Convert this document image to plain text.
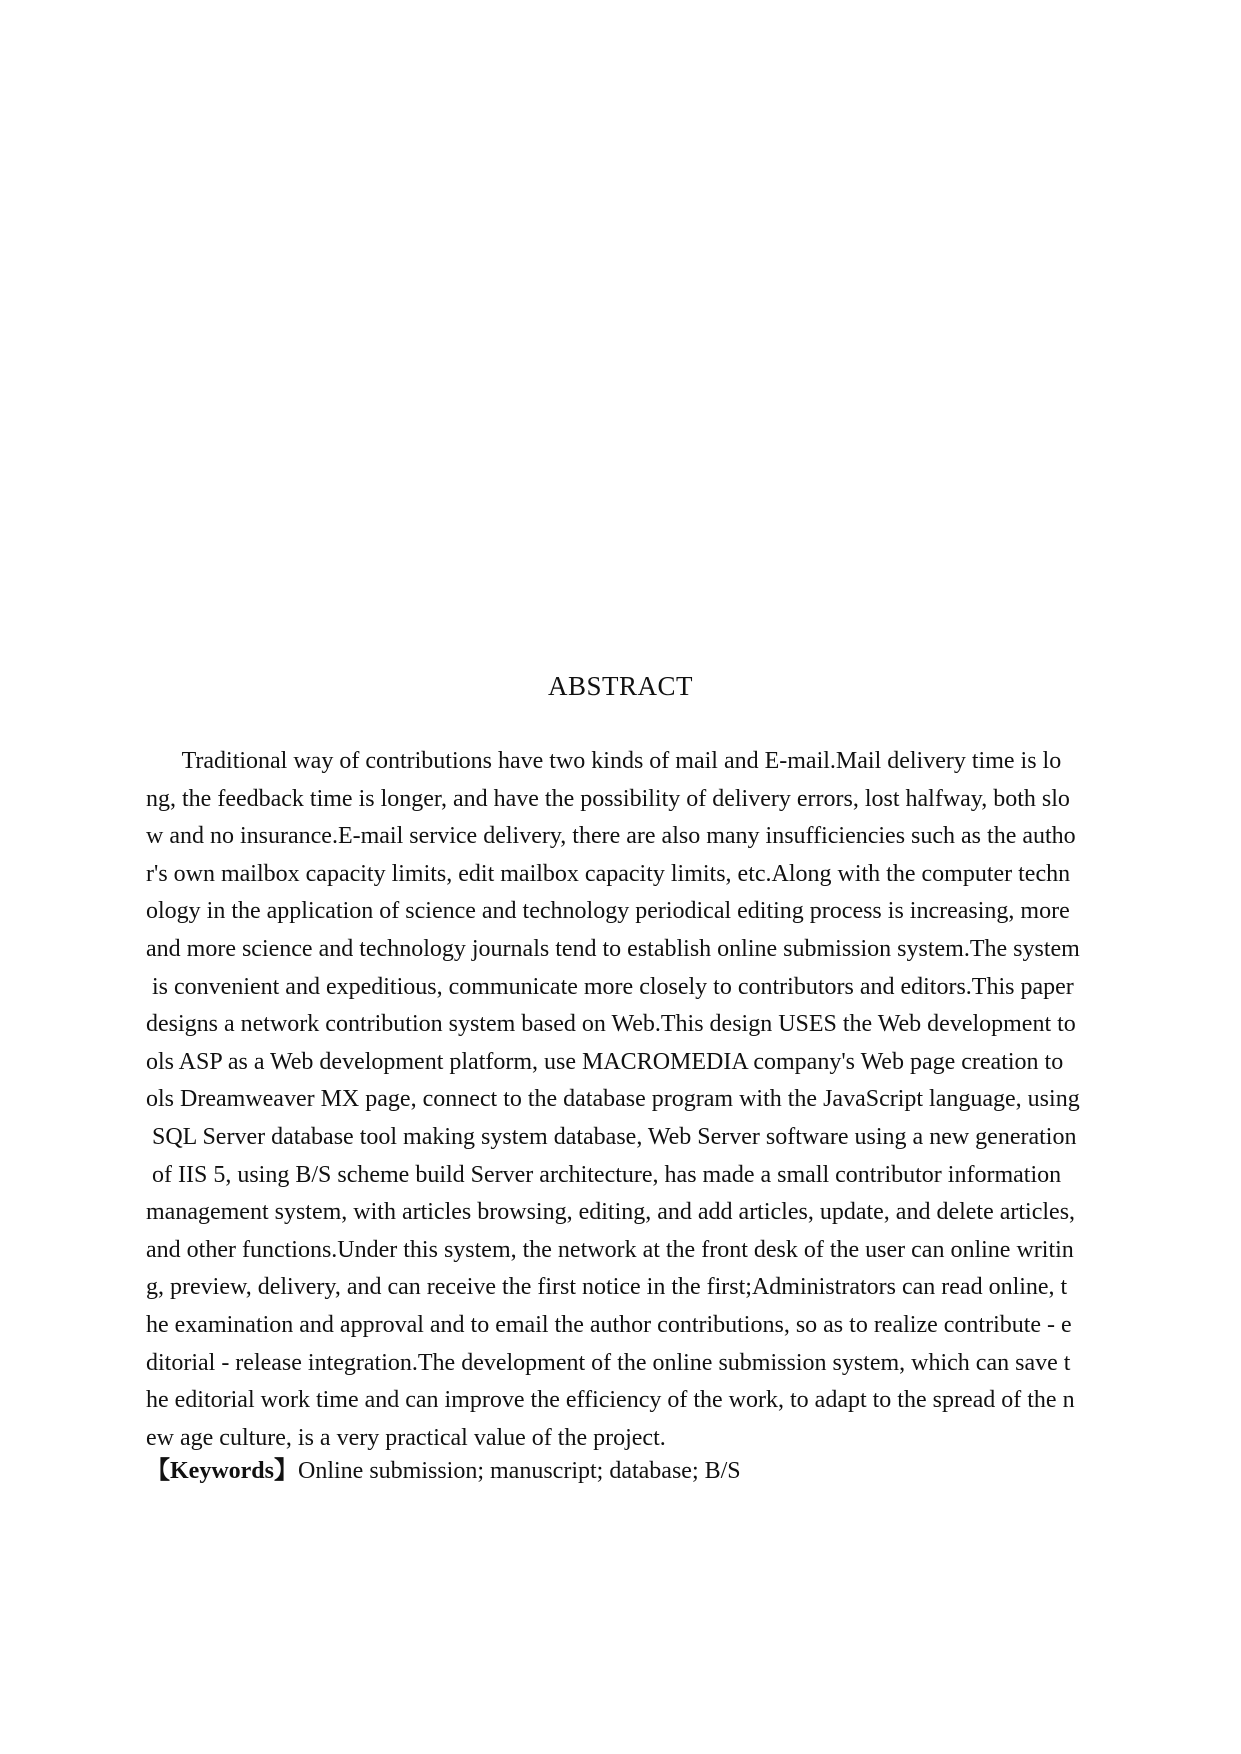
ABSTRACT
Traditional way of contributions have two kinds of mail and E-mail.Mail delivery time is lo
ng, the feedback time is longer, and have the possibility of delivery errors, lost halfway, both slo
w and no insurance.E-mail service delivery, there are also many insufficiencies such as the autho
r's own mailbox capacity limits, edit mailbox capacity limits, etc.Along with the computer techn
ology in the application of science and technology periodical editing process is increasing, more
and more science and technology journals tend to establish online submission system.The system
is convenient and expeditious, communicate more closely to contributors and editors.This paper
designs a network contribution system based on Web.This design USES the Web development to
ols ASP as a Web development platform, use MACROMEDIA company's Web page creation to
ols Dreamweaver MX page, connect to the database program with the JavaScript language, using
SQL Server database tool making system database, Web Server software using a new generation
of IIS 5, using B/S scheme build Server architecture, has made a small contributor information
management system, with articles browsing, editing, and add articles, update, and delete articles,
and other functions.Under this system, the network at the front desk of the user can online writin
g, preview, delivery, and can receive the first notice in the first;Administrators can read online, t
he examination and approval and to email the author contributions, so as to realize contribute - e
ditorial - release integration.The development of the online submission system, which can save t
he editorial work time and can improve the efficiency of the work, to adapt to the spread of the n
ew age culture, is a very practical value of the project.
【Keywords】Online submission; manuscript; database; B/S
